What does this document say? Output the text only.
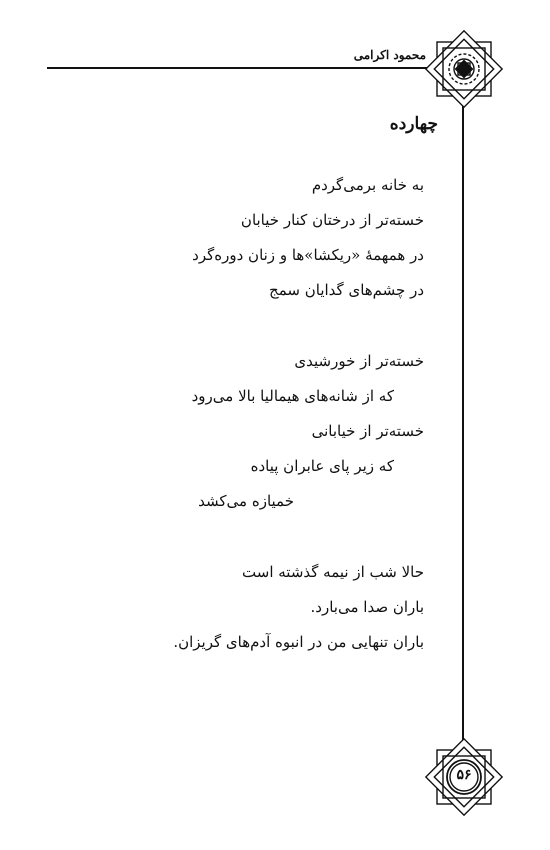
محمود اکرامی
چهارده
به خانه برمی‌گردم
خسته‌تر از درختان کنار خیابان
در همهمهٔ «ریکشا»ها و زنان دوره‌گرد
در چشم‌های گدایان سمج
خسته‌تر از خورشیدی
که از شانه‌های هیمالیا بالا می‌رود
خسته‌تر از خیابانی
که زیر پای عابران پیاده
خمیازه می‌کشد
حالا شب از نیمه گذشته است
باران صدا می‌بارد.
باران تنهایی من در انبوه آدم‌های گریزان.
۵۶
